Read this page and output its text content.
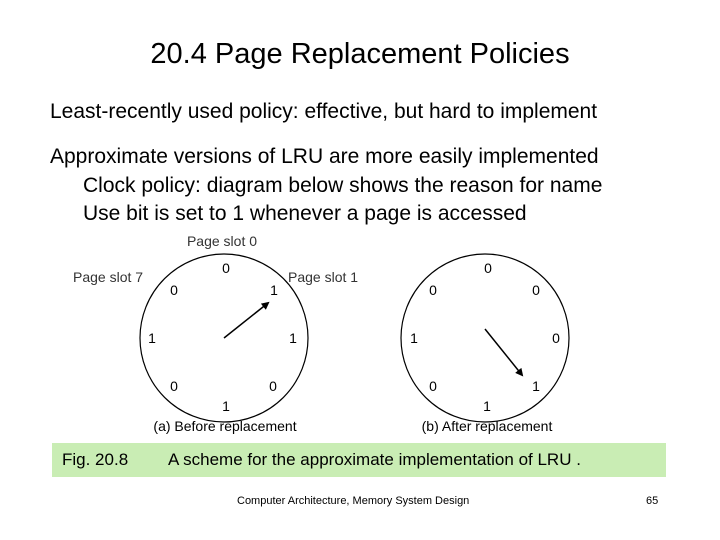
20.4 Page Replacement Policies
Least-recently used policy: effective, but hard to implement
Approximate versions of LRU are more easily implemented
Clock policy: diagram below shows the reason for name
Use bit is set to 1 whenever a page is accessed
Page slot 0
Page slot 7	Page slot 1
0
1
1
0
1
0
1
0
(a) Before replacement
0
0
0
1
1
0
1
0
(b) After replacement
Fig. 20.8 A scheme for the approximate implementation of LRU .
Computer Architecture, Memory System Design	65
